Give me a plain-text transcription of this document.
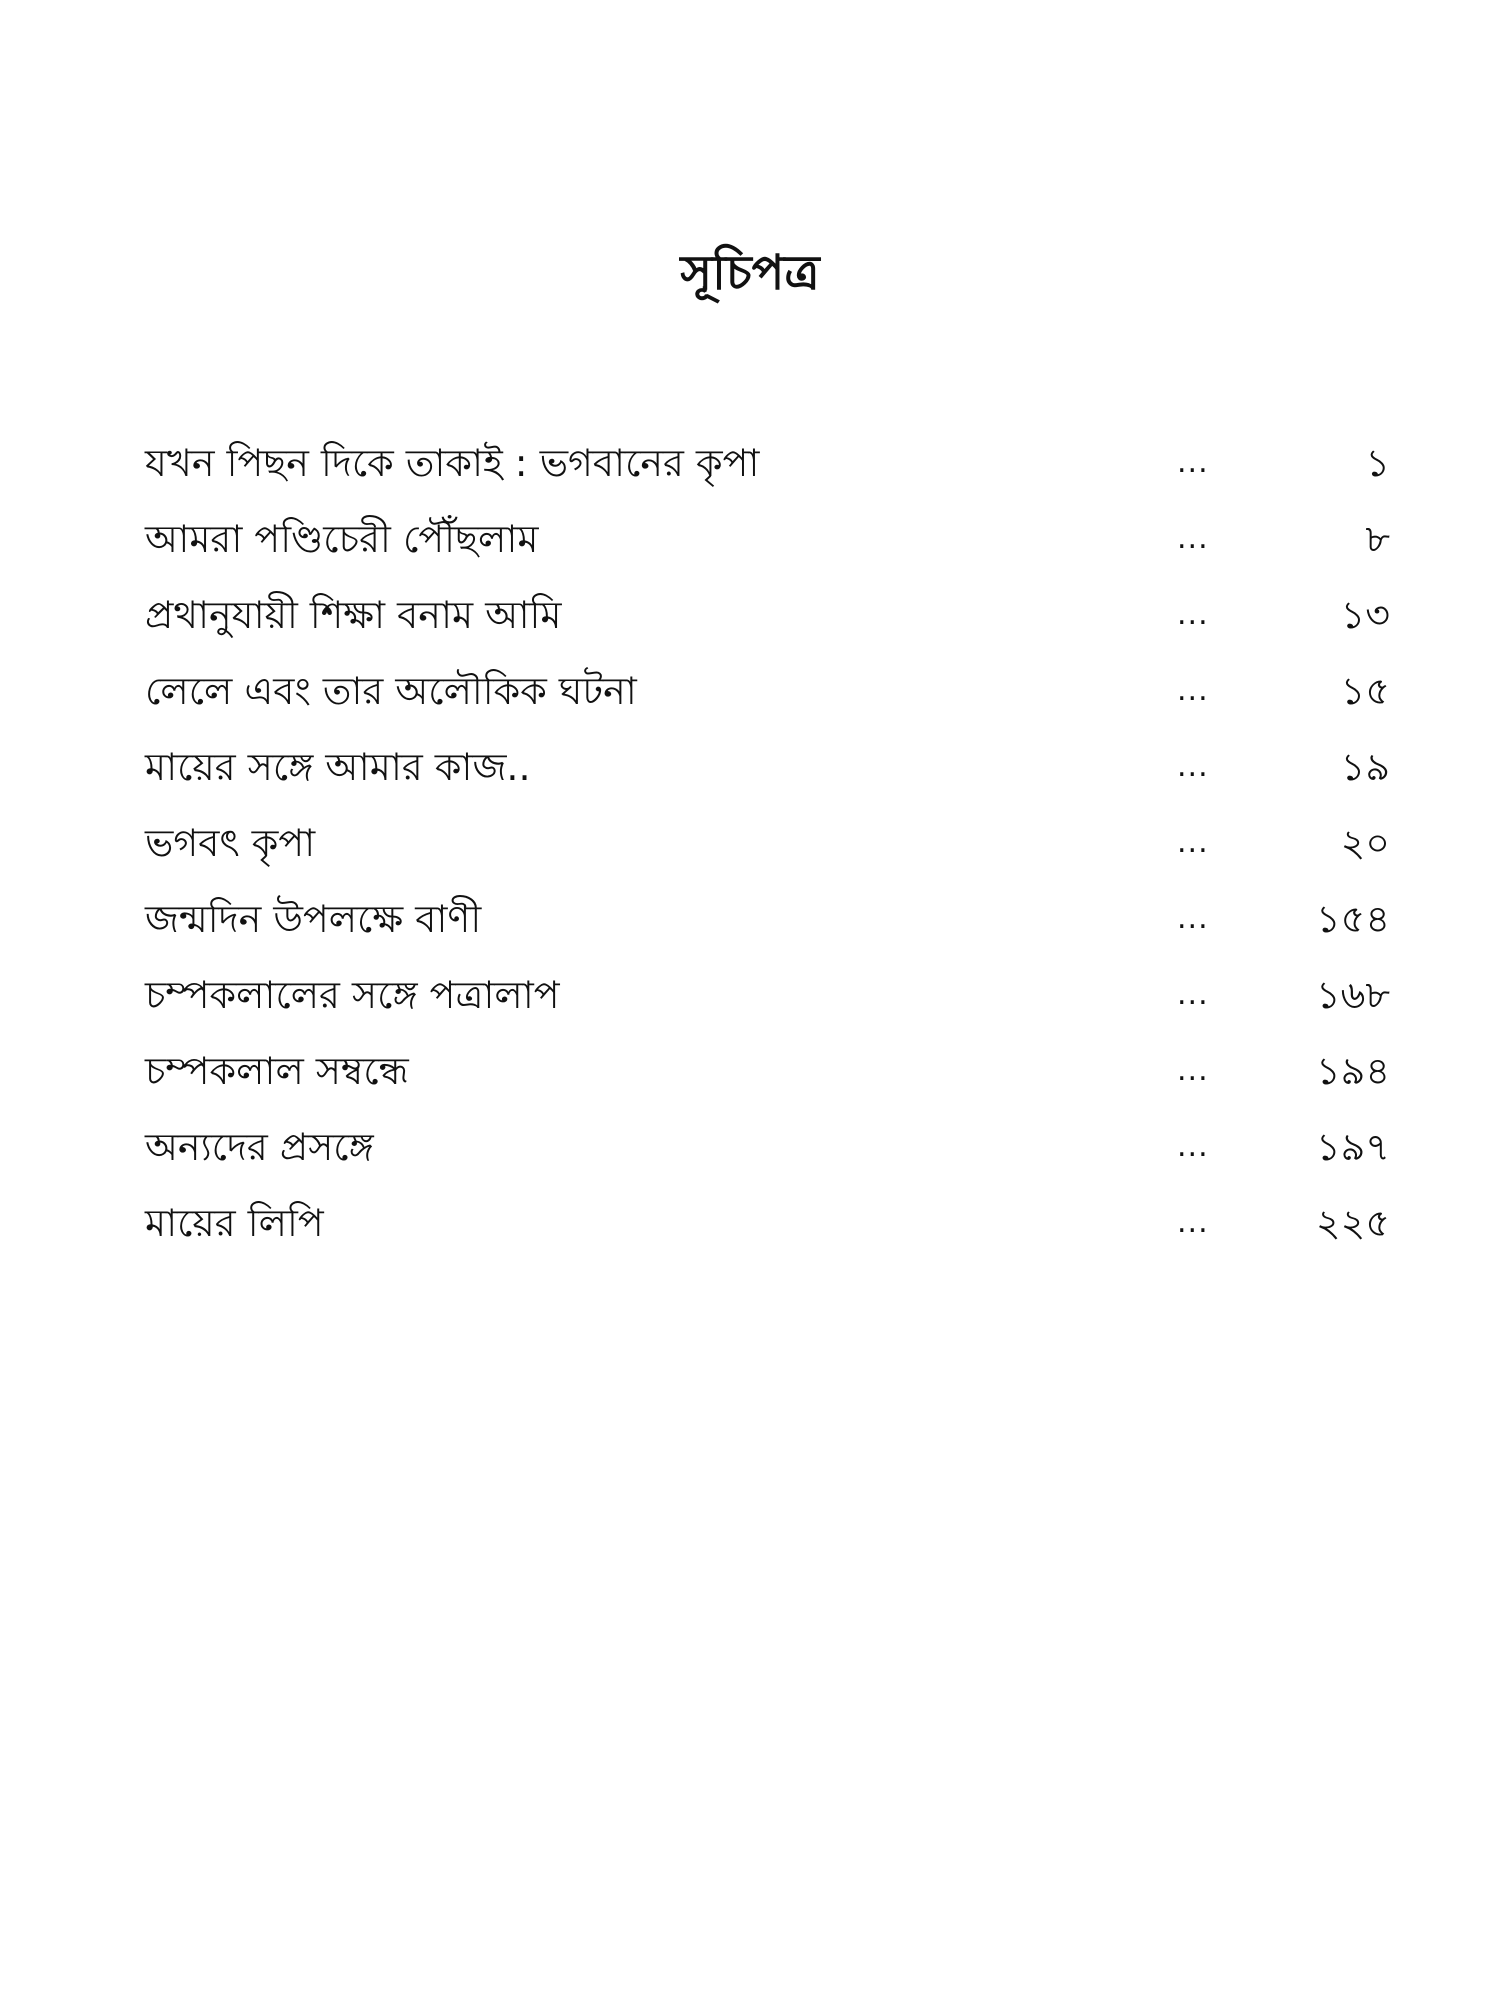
সূচিপত্র
যখন পিছন দিকে তাকাই : ভগবানের কৃপা	...	১
আমরা পণ্ডিচেরী পৌঁছলাম	...	৮
প্রথানুযায়ী শিক্ষা বনাম আমি	...	১৩
লেলে এবং তার অলৌকিক ঘটনা	...	১৫
মায়ের সঙ্গে আমার কাজ..	...	১৯
ভগবৎ কৃপা	...	২০
জন্মদিন উপলক্ষে বাণী	...	১৫৪
চম্পকলালের সঙ্গে পত্রালাপ	...	১৬৮
চম্পকলাল সম্বন্ধে	...	১৯৪
অন্যদের প্রসঙ্গে	...	১৯৭
মায়ের লিপি	...	২২৫
